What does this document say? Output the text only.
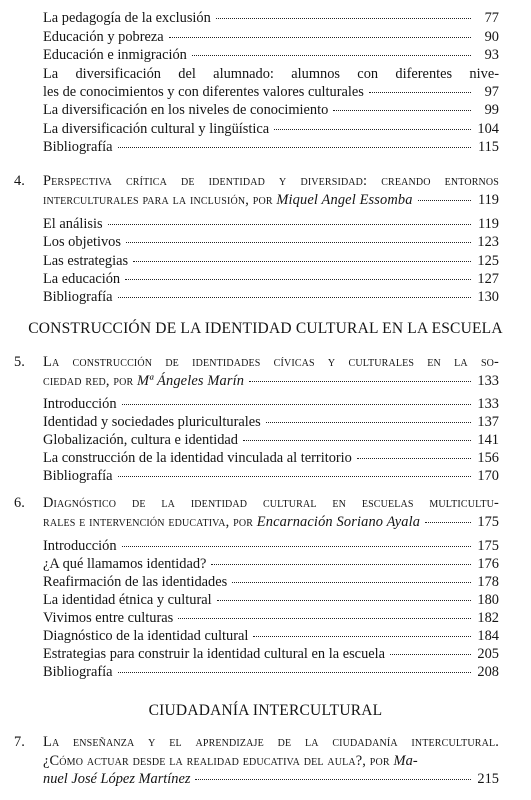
La pedagogía de la exclusión	77
Educación y pobreza	90
Educación e inmigración	93
La diversificación del alumnado: alumnos con diferentes nive-
les de conocimientos y con diferentes valores culturales	97
La diversificación en los niveles de conocimiento	99
La diversificación cultural y lingüística	104
Bibliografía	115
4. Perspectiva crítica de identidad y diversidad: creando entornos
interculturales para la inclusión, por Miquel Angel Essomba	119
El análisis	119
Los objetivos	123
Las estrategias	125
La educación	127
Bibliografía	130
CONSTRUCCIÓN DE LA IDENTIDAD CULTURAL EN LA ESCUELA
5. La construcción de identidades cívicas y culturales en la so-
ciedad red, por Mª Ángeles Marín	133
Introducción	133
Identidad y sociedades pluriculturales	137
Globalización, cultura e identidad	141
La construcción de la identidad vinculada al territorio	156
Bibliografía	170
6. Diagnóstico de la identidad cultural en escuelas multicultu-
rales e intervención educativa, por Encarnación Soriano Ayala	175
Introducción	175
¿A qué llamamos identidad?	176
Reafirmación de las identidades	178
La identidad étnica y cultural	180
Vivimos entre culturas	182
Diagnóstico de la identidad cultural	184
Estrategias para construir la identidad cultural en la escuela	205
Bibliografía	208
CIUDADANÍA INTERCULTURAL
7. La enseñanza y el aprendizaje de la ciudadanía intercultural.
¿Cómo actuar desde la realidad educativa del aula?, por Ma-
nuel José López Martínez	215
